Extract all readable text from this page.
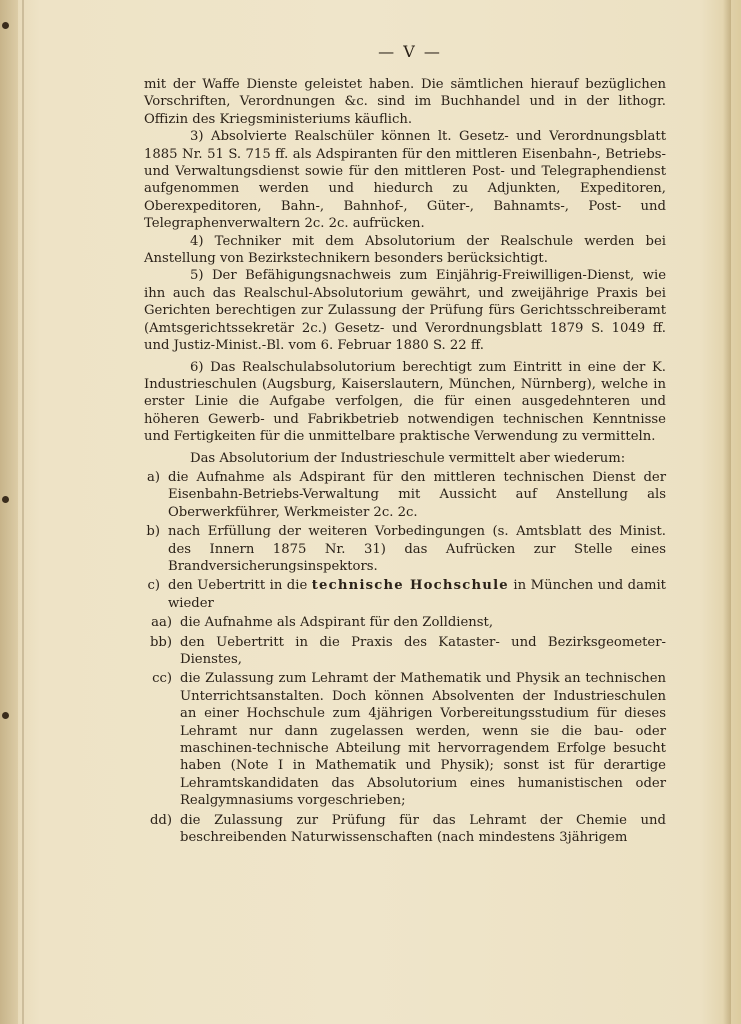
— V —

mit der Waffe Dienste geleistet haben. Die sämtlichen hierauf bezüglichen Vorschriften, Verordnungen &c. sind im Buchhandel und in der lithogr. Offizin des Kriegsministeriums käuflich.

3) Absolvierte Realschüler können lt. Gesetz- und Verordnungsblatt 1885 Nr. 51 S. 715 ff. als Adspiranten für den mittleren Eisenbahn-, Betriebs- und Verwaltungsdienst sowie für den mittleren Post- und Telegraphendienst aufgenommen werden und hiedurch zu Adjunkten, Expeditoren, Oberexpeditoren, Bahn-, Bahnhof-, Güter-, Bahnamts-, Post- und Telegraphenverwaltern 2c. 2c. aufrücken.

4) Techniker mit dem Absolutorium der Realschule werden bei Anstellung von Bezirkstechnikern besonders berücksichtigt.

5) Der Befähigungsnachweis zum Einjährig-Freiwilligen-Dienst, wie ihn auch das Realschul-Absolutorium gewährt, und zweijährige Praxis bei Gerichten berechtigen zur Zulassung der Prüfung fürs Gerichtsschreiberamt (Amtsgerichtssekretär 2c.) Gesetz- und Verordnungsblatt 1879 S. 1049 ff. und Justiz-Minist.-Bl. vom 6. Februar 1880 S. 22 ff.

6) Das Realschulabsolutorium berechtigt zum Eintritt in eine der K. Industrieschulen (Augsburg, Kaiserslautern, München, Nürnberg), welche in erster Linie die Aufgabe verfolgen, die für einen ausgedehnteren und höheren Gewerb- und Fabrikbetrieb notwendigen technischen Kenntnisse und Fertigkeiten für die unmittelbare praktische Verwendung zu vermitteln.

Das Absolutorium der Industrieschule vermittelt aber wiederum:

a) die Aufnahme als Adspirant für den mittleren technischen Dienst der Eisenbahn-Betriebs-Verwaltung mit Aussicht auf Anstellung als Oberwerkführer, Werkmeister 2c. 2c.

b) nach Erfüllung der weiteren Vorbedingungen (s. Amtsblatt des Minist. des Innern 1875 Nr. 31) das Aufrücken zur Stelle eines Brandversicherungsinspektors.

c) den Uebertritt in die technische Hochschule in München und damit wieder

aa) die Aufnahme als Adspirant für den Zolldienst,

bb) den Uebertritt in die Praxis des Kataster- und Bezirksgeometer-Dienstes,

cc) die Zulassung zum Lehramt der Mathematik und Physik an technischen Unterrichtsanstalten. Doch können Absolventen der Industrieschulen an einer Hochschule zum 4jährigen Vorbereitungsstudium für dieses Lehramt nur dann zugelassen werden, wenn sie die bau- oder maschinen-technische Abteilung mit hervorragendem Erfolge besucht haben (Note I in Mathematik und Physik); sonst ist für derartige Lehramtskandidaten das Absolutorium eines humanistischen oder Realgymnasiums vorgeschrieben;

dd) die Zulassung zur Prüfung für das Lehramt der Chemie und beschreibenden Naturwissenschaften (nach mindestens 3jährigem
